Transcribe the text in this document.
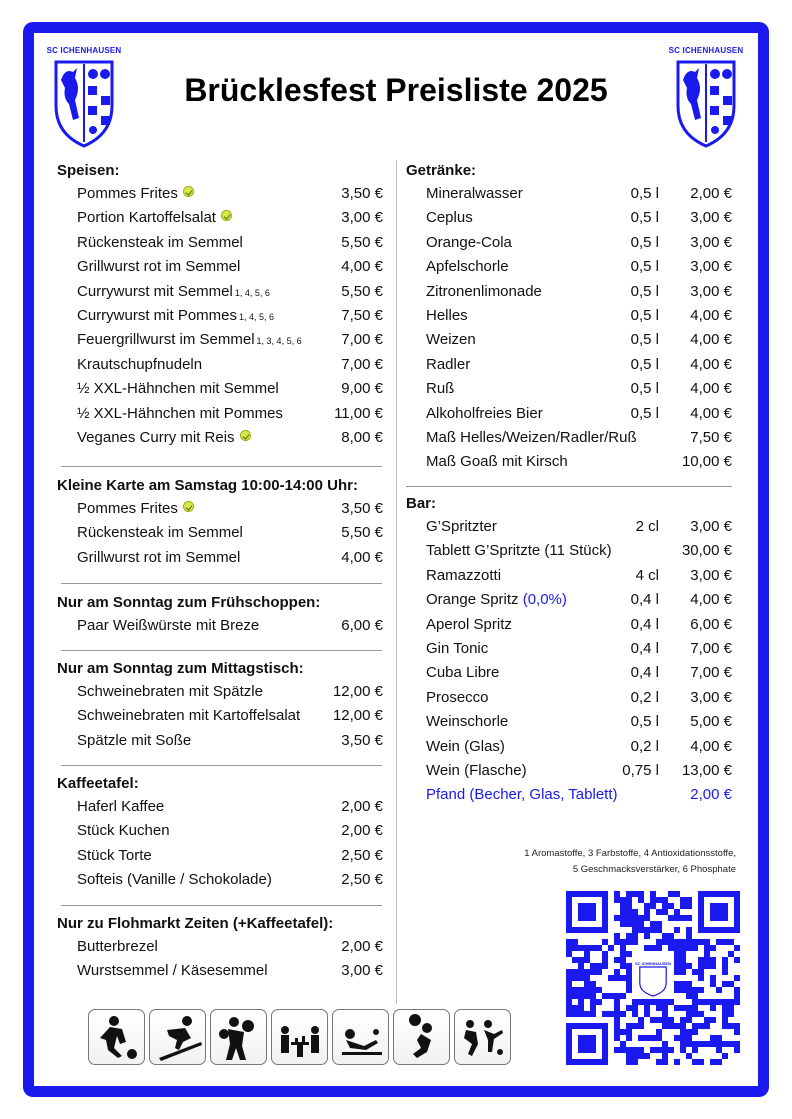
SC ICHENHAUSEN	SC ICHENHAUSEN
Brücklesfest Preisliste 2025
Speisen:
Pommes Frites	3,50 €
Portion Kartoffelsalat	3,00 €
Rückensteak im Semmel	5,50 €
Grillwurst rot im Semmel	4,00 €
Currywurst mit Semmel 1, 4, 5, 6	5,50 €
Currywurst mit Pommes 1, 4, 5, 6	7,50 €
Feuergrillwurst im Semmel 1, 3, 4, 5, 6	7,00 €
Krautschupfnudeln	7,00 €
½ XXL-Hähnchen mit Semmel	9,00 €
½ XXL-Hähnchen mit Pommes	11,00 €
Veganes Curry mit Reis	8,00 €
Kleine Karte am Samstag 10:00-14:00 Uhr:
Pommes Frites	3,50 €
Rückensteak im Semmel	5,50 €
Grillwurst rot im Semmel	4,00 €
Nur am Sonntag zum Frühschoppen:
Paar Weißwürste mit Breze	6,00 €
Nur am Sonntag zum Mittagstisch:
Schweinebraten mit Spätzle	12,00 €
Schweinebraten mit Kartoffelsalat 12,00 €
Spätzle mit Soße	3,50 €
Kaffeetafel:
Haferl Kaffee	2,00 €
Stück Kuchen	2,00 €
Stück Torte	2,50 €
Softeis (Vanille / Schokolade)	2,50 €
Nur zu Flohmarkt Zeiten (+Kaffeetafel):
Butterbrezel	2,00 €
Wurstsemmel / Käsesemmel	3,00 €
Getränke:
Mineralwasser	0,5 l 2,00 €
Ceplus	0,5 l 3,00 €
Orange-Cola	0,5 l 3,00 €
Apfelschorle	0,5 l 3,00 €
Zitronenlimonade	0,5 l 3,00 €
Helles	0,5 l 4,00 €
Weizen	0,5 l 4,00 €
Radler	0,5 l 4,00 €
Ruß	0,5 l 4,00 €
Alkoholfreies Bier	0,5 l 4,00 €
Maß Helles/Weizen/Radler/Ruß	7,50 €
Maß Goaß mit Kirsch	10,00 €
Bar:
G’Spritzter	2 cl 3,00 €
Tablett G’Spritzte (11 Stück)	30,00 €
Ramazzotti	4 cl 3,00 €
Orange Spritz (0,0%)	0,4 l 4,00 €
Aperol Spritz	0,4 l 6,00 €
Gin Tonic	0,4 l 7,00 €
Cuba Libre	0,4 l 7,00 €
Prosecco	0,2 l 3,00 €
Weinschorle	0,5 l 5,00 €
Wein (Glas)	0,2 l 4,00 €
Wein (Flasche)	0,75 l 13,00 €
Pfand (Becher, Glas, Tablett)	2,00 €
1 Aromastoffe, 3 Farbstoffe, 4 Antioxidationsstoffe,
5 Geschmacksverstärker, 6 Phosphate
SC ICHENHAUSEN
